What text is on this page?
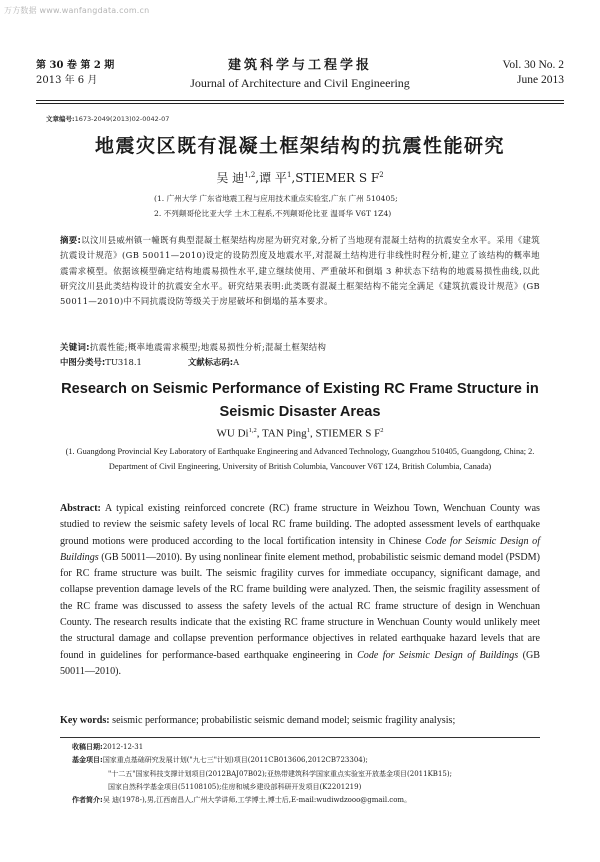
万方数据 www.wanfangdata.com.cn
第 30 卷 第 2 期
2013 年 6 月
建筑科学与工程学报
Journal of Architecture and Civil Engineering
Vol. 30 No. 2
June 2013
文章编号:1673-2049(2013)02-0042-07
地震灾区既有混凝土框架结构的抗震性能研究
吴 迪$^{1,2}$,谭 平$^1$,STIEMER S $F^2$
(1. 广州大学 广东省地震工程与应用技术重点实验室,广东 广州 510405;
2. 不列颠哥伦比亚大学 土木工程系,不列颠哥伦比亚 温哥华 V6T 1Z4)
摘要:以汶川县威州镇一幢既有典型混凝土框架结构房屋为研究对象,分析了当地现有混凝土结构的抗震安全水平。采用《建筑抗震设计规范》(GB 50011—2010)设定的设防烈度及地震水平,对混凝土结构进行非线性时程分析,建立了该结构的概率地震需求模型。依据该模型确定结构地震易损性水平,建立继续使用、严重破坏和倒塌 3 种状态下结构的地震易损性曲线,以此研究汶川县此类结构设计的抗震安全水平。研究结果表明:此类既有混凝土框架结构不能完全满足《建筑抗震设计规范》(GB 50011—2010)中不同抗震设防等级关于房屋破坏和倒塌的基本要求。
关键词:抗震性能;概率地震需求模型;地震易损性分析;混凝土框架结构
中图分类号:TU318.1	文献标志码:A
Research on Seismic Performance of Existing RC Frame Structure in Seismic Disaster Areas
WU Di$^{1,2}$, TAN Ping$^1$, STIEMER S $F^2$
(1. Guangdong Provincial Key Laboratory of Earthquake Engineering and Advanced Technology, Guangzhou 510405, Guangdong, China; 2. Department of Civil Engineering, University of British Columbia, Vancouver V6T 1Z4, British Columbia, Canada)
Abstract: A typical existing reinforced concrete (RC) frame structure in Weizhou Town, Wenchuan County was studied to review the seismic safety levels of local RC frame building. The adopted assessment levels of earthquake ground motions were produced according to the local fortification intensity in Chinese Code for Seismic Design of Buildings (GB 50011—2010). By using nonlinear finite element method, probabilistic seismic demand model (PSDM) for RC frame structure was built. The seismic fragility curves for immediate occupancy, significant damage, and collapse prevention damage levels of the RC frame building were analyzed. Then, the seismic fragility assessment of the RC frame was discussed to assess the safety levels of the actual RC frame structure of design in Wenchuan County. The research results indicate that the existing RC frame structure in Wenchuan County would unlikely meet the structural damage and collapse prevention performance objectives in related earthquake hazard levels that are found in guidelines for performance-based earthquake engineering in Code for Seismic Design of Buildings (GB 50011—2010).
Key words: seismic performance; probabilistic seismic demand model; seismic fragility analysis;
收稿日期:2012-12-31
基金项目:国家重点基础研究发展计划("九七三"计划)项目(2011CB013606,2012CB723304);
"十二五"国家科技支撑计划项目(2012BAJ07B02);亚热带建筑科学国家重点实验室开放基金项目(2011KB15);
国家自然科学基金项目(51108105);住房和城乡建设部科研开发项目(K2201219)
作者简介:吴 迪(1978-),男,江西南昌人,广州大学讲师,工学博士,博士后,E-mail:wudiwdzooo@gmail.com。
